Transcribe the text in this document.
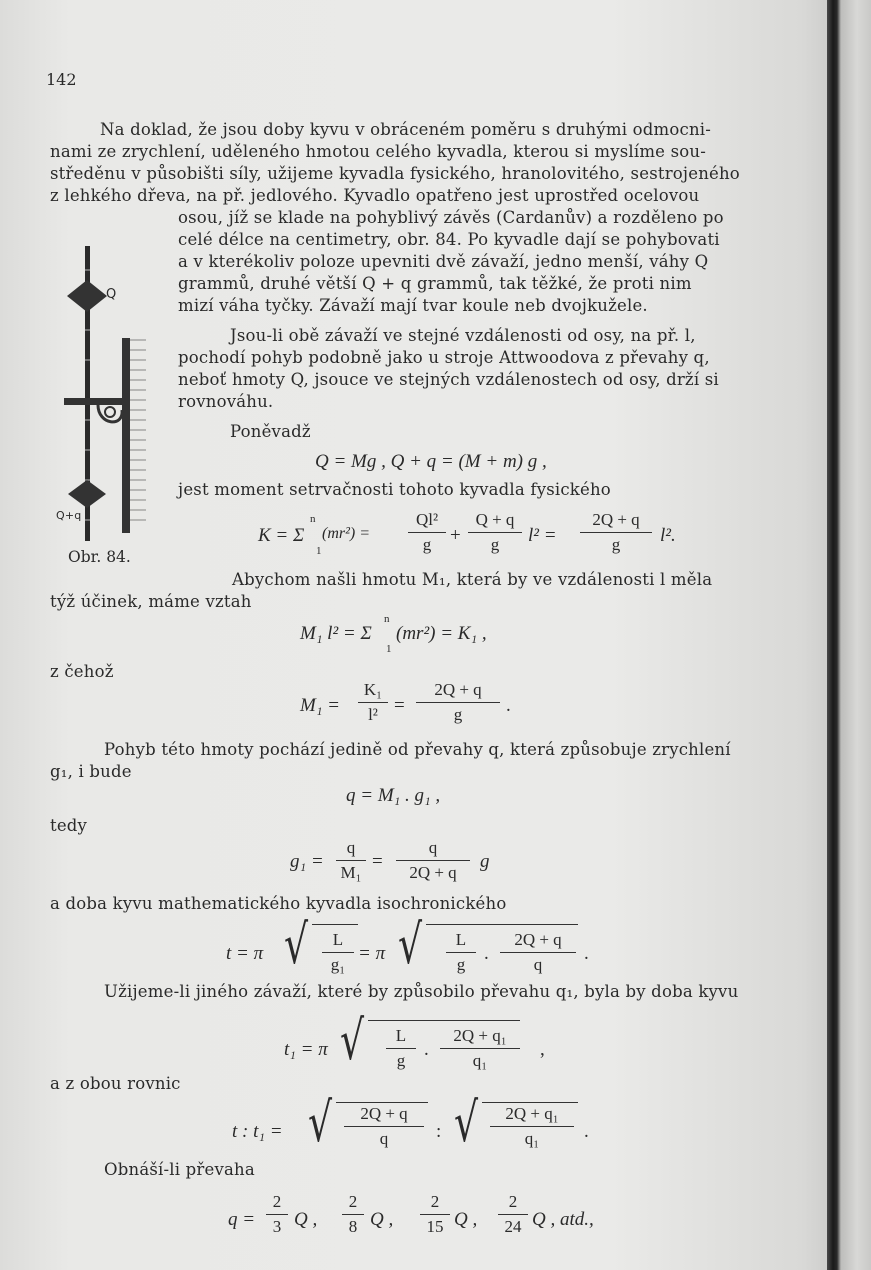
142
Na doklad, že jsou doby kyvu v obráceném poměru s druhými odmocni-
nami ze zrychlení, uděleného hmotou celého kyvadla, kterou si myslíme sou-
středěnu v působišti síly, užijeme kyvadla fysického, hranolovitého, sestrojeného
z lehkého dřeva, na př. jedlového. Kyvadlo opatřeno jest uprostřed ocelovou
osou, jíž se klade na pohyblivý závěs (Cardanův) a rozděleno po
celé délce na centimetry, obr. 84. Po kyvadle dají se pohybovati
a v kterékoliv poloze upevniti dvě závaží, jedno menší, váhy Q
grammů, druhé větší Q + q grammů, tak těžké, že proti nim
mizí váha tyčky. Závaží mají tvar koule neb dvojkužele.
Jsou-li obě závaží ve stejné vzdálenosti od osy, na př. l,
pochodí pohyb podobně jako u stroje Attwoodova z převahy q,
neboť hmoty Q, jsouce ve stejných vzdálenostech od osy, drží si
rovnováhu.
Poněvadž
Q
Q+q
Obr. 84.
Q = Mg , Q + q = (M + m) g ,
jest moment setrvačnosti tohoto kyvadla fysického
K = Σ
n
1
$(mr^2) = \frac{\text{Ql²}}{g} + \frac{Q + q}{g} l^2 = \frac{2Q + q}{g} l^2$.
Abychom našli hmotu M₁, která by ve vzdálenosti l měla
týž účinek, máme vztah
M₁ l² = Σ
n
1
(mr²) = K₁ ,
z čehož
$M_1 = \frac{\text{K₁}}{\text{l²}} = \frac{2Q + q}{g}$ .
Pohyb této hmoty pochází jedině od převahy q, která způsobuje zrychlení
g₁, i bude
q = M₁ . g₁ ,
tedy
$g_1 = \frac{q}{\text{M₁}} = \frac{q}{2Q + q}$ g
a doba kyvu mathematického kyvadla isochronického
t = π √ $\frac{L}{\text{g₁}} = \pi$ √ $\frac{L}{g}$ . $\frac{2Q + q}{q}$ .
Užijeme-li jiného závaží, které by způsobilo převahu q₁, byla by doba kyvu
t₁ = π √ $\frac{L}{g}$ . $\frac{\text{2Q + q₁}}{\text{q₁}}$ ,
a z obou rovnic
t : t₁ = √ $\frac{2Q + q}{q}$ : √ $\frac{\text{2Q + q₁}}{\text{q₁}}$ .
Obnáší-li převaha
$q = \frac{2}{3}$ Q , $\frac{2}{8}$ Q , $\frac{2}{15}$ Q , $\frac{2}{24}$ Q , atd.,
